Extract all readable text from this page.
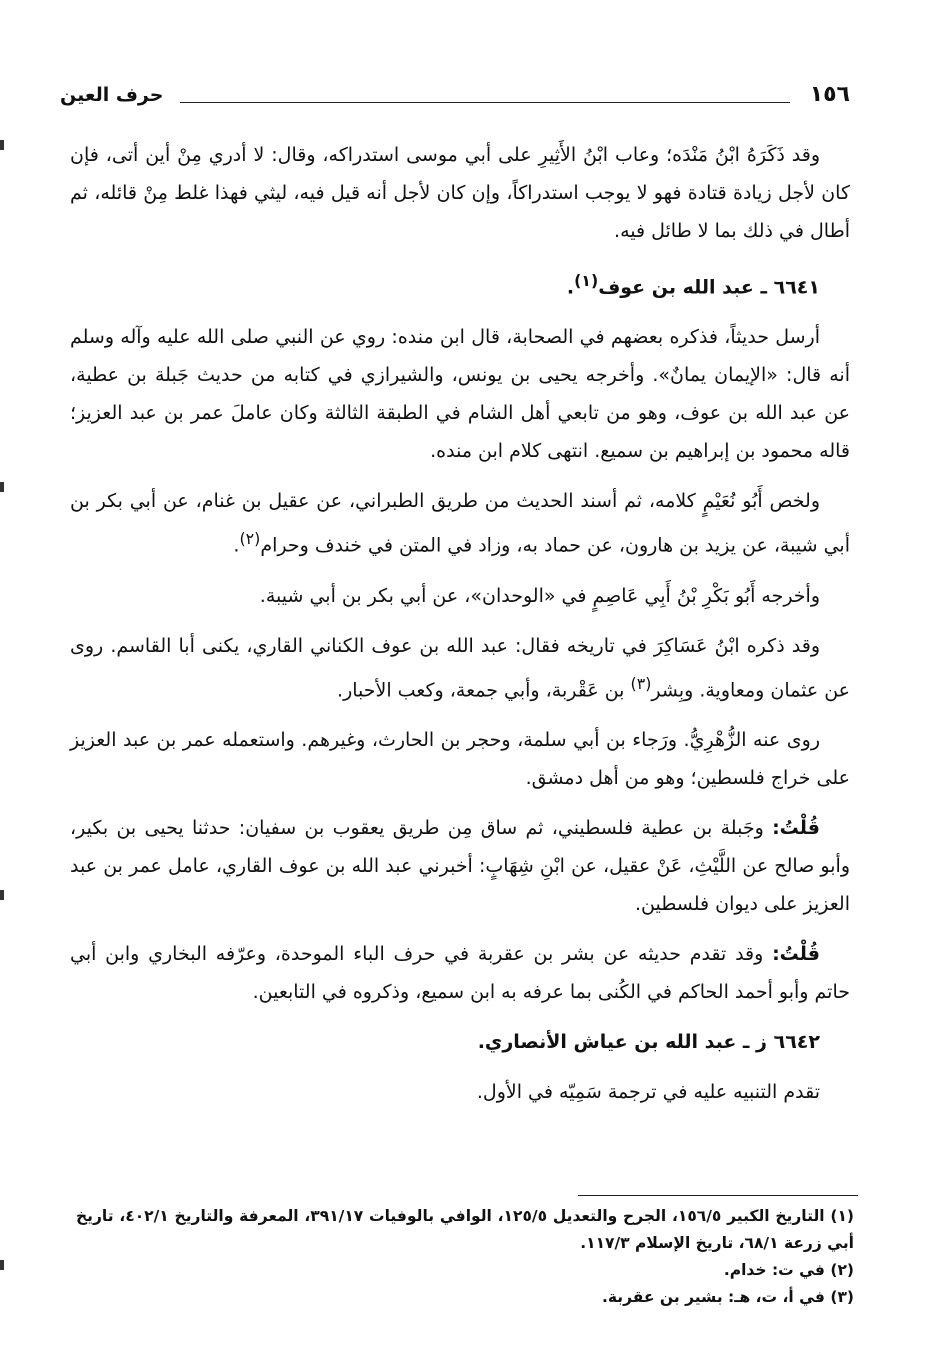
١٥٦
حرف العين

وقد ذَكَرَهُ ابْنُ مَنْدَه؛ وعاب ابْنُ الأَثِيرِ على أبي موسى استدراكه، وقال: لا أدري مِنْ أين أتى، فإن كان لأجل زيادة قتادة فهو لا يوجب استدراكاً، وإن كان لأجل أنه قيل فيه، ليثي فهذا غلط مِنْ قائله، ثم أطال في ذلك بما لا طائل فيه.

٦٦٤١ ـ عبد الله بن عوف$^{(١)}$.

أرسل حديثاً، فذكره بعضهم في الصحابة، قال ابن منده: روي عن النبي صلى الله عليه وآله وسلم أنه قال: «الإيمان يمانٌ». وأخرجه يحيى بن يونس، والشيرازي في كتابه من حديث جَبلة بن عطية، عن عبد الله بن عوف، وهو من تابعي أهل الشام في الطبقة الثالثة وكان عاملَ عمر بن عبد العزيز؛ قاله محمود بن إبراهيم بن سميع. انتهى كلام ابن منده.

ولخص أَبُو نُعَيْمٍ كلامه، ثم أسند الحديث من طريق الطبراني، عن عقيل بن غنام، عن أبي بكر بن أبي شيبة، عن يزيد بن هارون، عن حماد به، وزاد في المتن في خندف وحرام$^{(٢)}$.

وأخرجه أَبُو بَكْرِ بْنُ أَبِي عَاصِمٍ في «الوحدان»، عن أبي بكر بن أبي شيبة.

وقد ذكره ابْنُ عَسَاكِرَ في تاريخه فقال: عبد الله بن عوف الكناني القاري، يكنى أبا القاسم. روى عن عثمان ومعاوية. وبِشر$^{(٣)}$ بن عَقْربة، وأبي جمعة، وكعب الأحبار.

روى عنه الزُّهْرِيُّ. ورَجاء بن أبي سلمة، وحجر بن الحارث، وغيرهم. واستعمله عمر بن عبد العزيز على خراج فلسطين؛ وهو من أهل دمشق.

قُلْتُ: وجَبلة بن عطية فلسطيني، ثم ساق مِن طريق يعقوب بن سفيان: حدثنا يحيى بن بكير، وأبو صالح عن اللَّيْثِ، عَنْ عقيل، عن ابْنِ شِهَابٍ: أخبرني عبد الله بن عوف القاري، عامل عمر بن عبد العزيز على ديوان فلسطين.

قُلْتُ: وقد تقدم حديثه عن بشر بن عقربة في حرف الباء الموحدة، وعرّفه البخاري وابن أبي حاتم وأبو أحمد الحاكم في الكُنى بما عرفه به ابن سميع، وذكروه في التابعين.

٦٦٤٢ ز ـ عبد الله بن عياش الأنصاري.

تقدم التنبيه عليه في ترجمة سَمِيّه في الأول.

(١) التاريخ الكبير ١٥٦/٥، الجرح والتعديل ١٢٥/٥، الوافي بالوفيات ٣٩١/١٧، المعرفة والتاريخ ٤٠٢/١، تاريخ أبي زرعة ٦٨/١، تاريخ الإسلام ١١٧/٣.

(٢) في ت: خدام.

(٣) في أ، ت، هـ: بشير بن عقربة.
